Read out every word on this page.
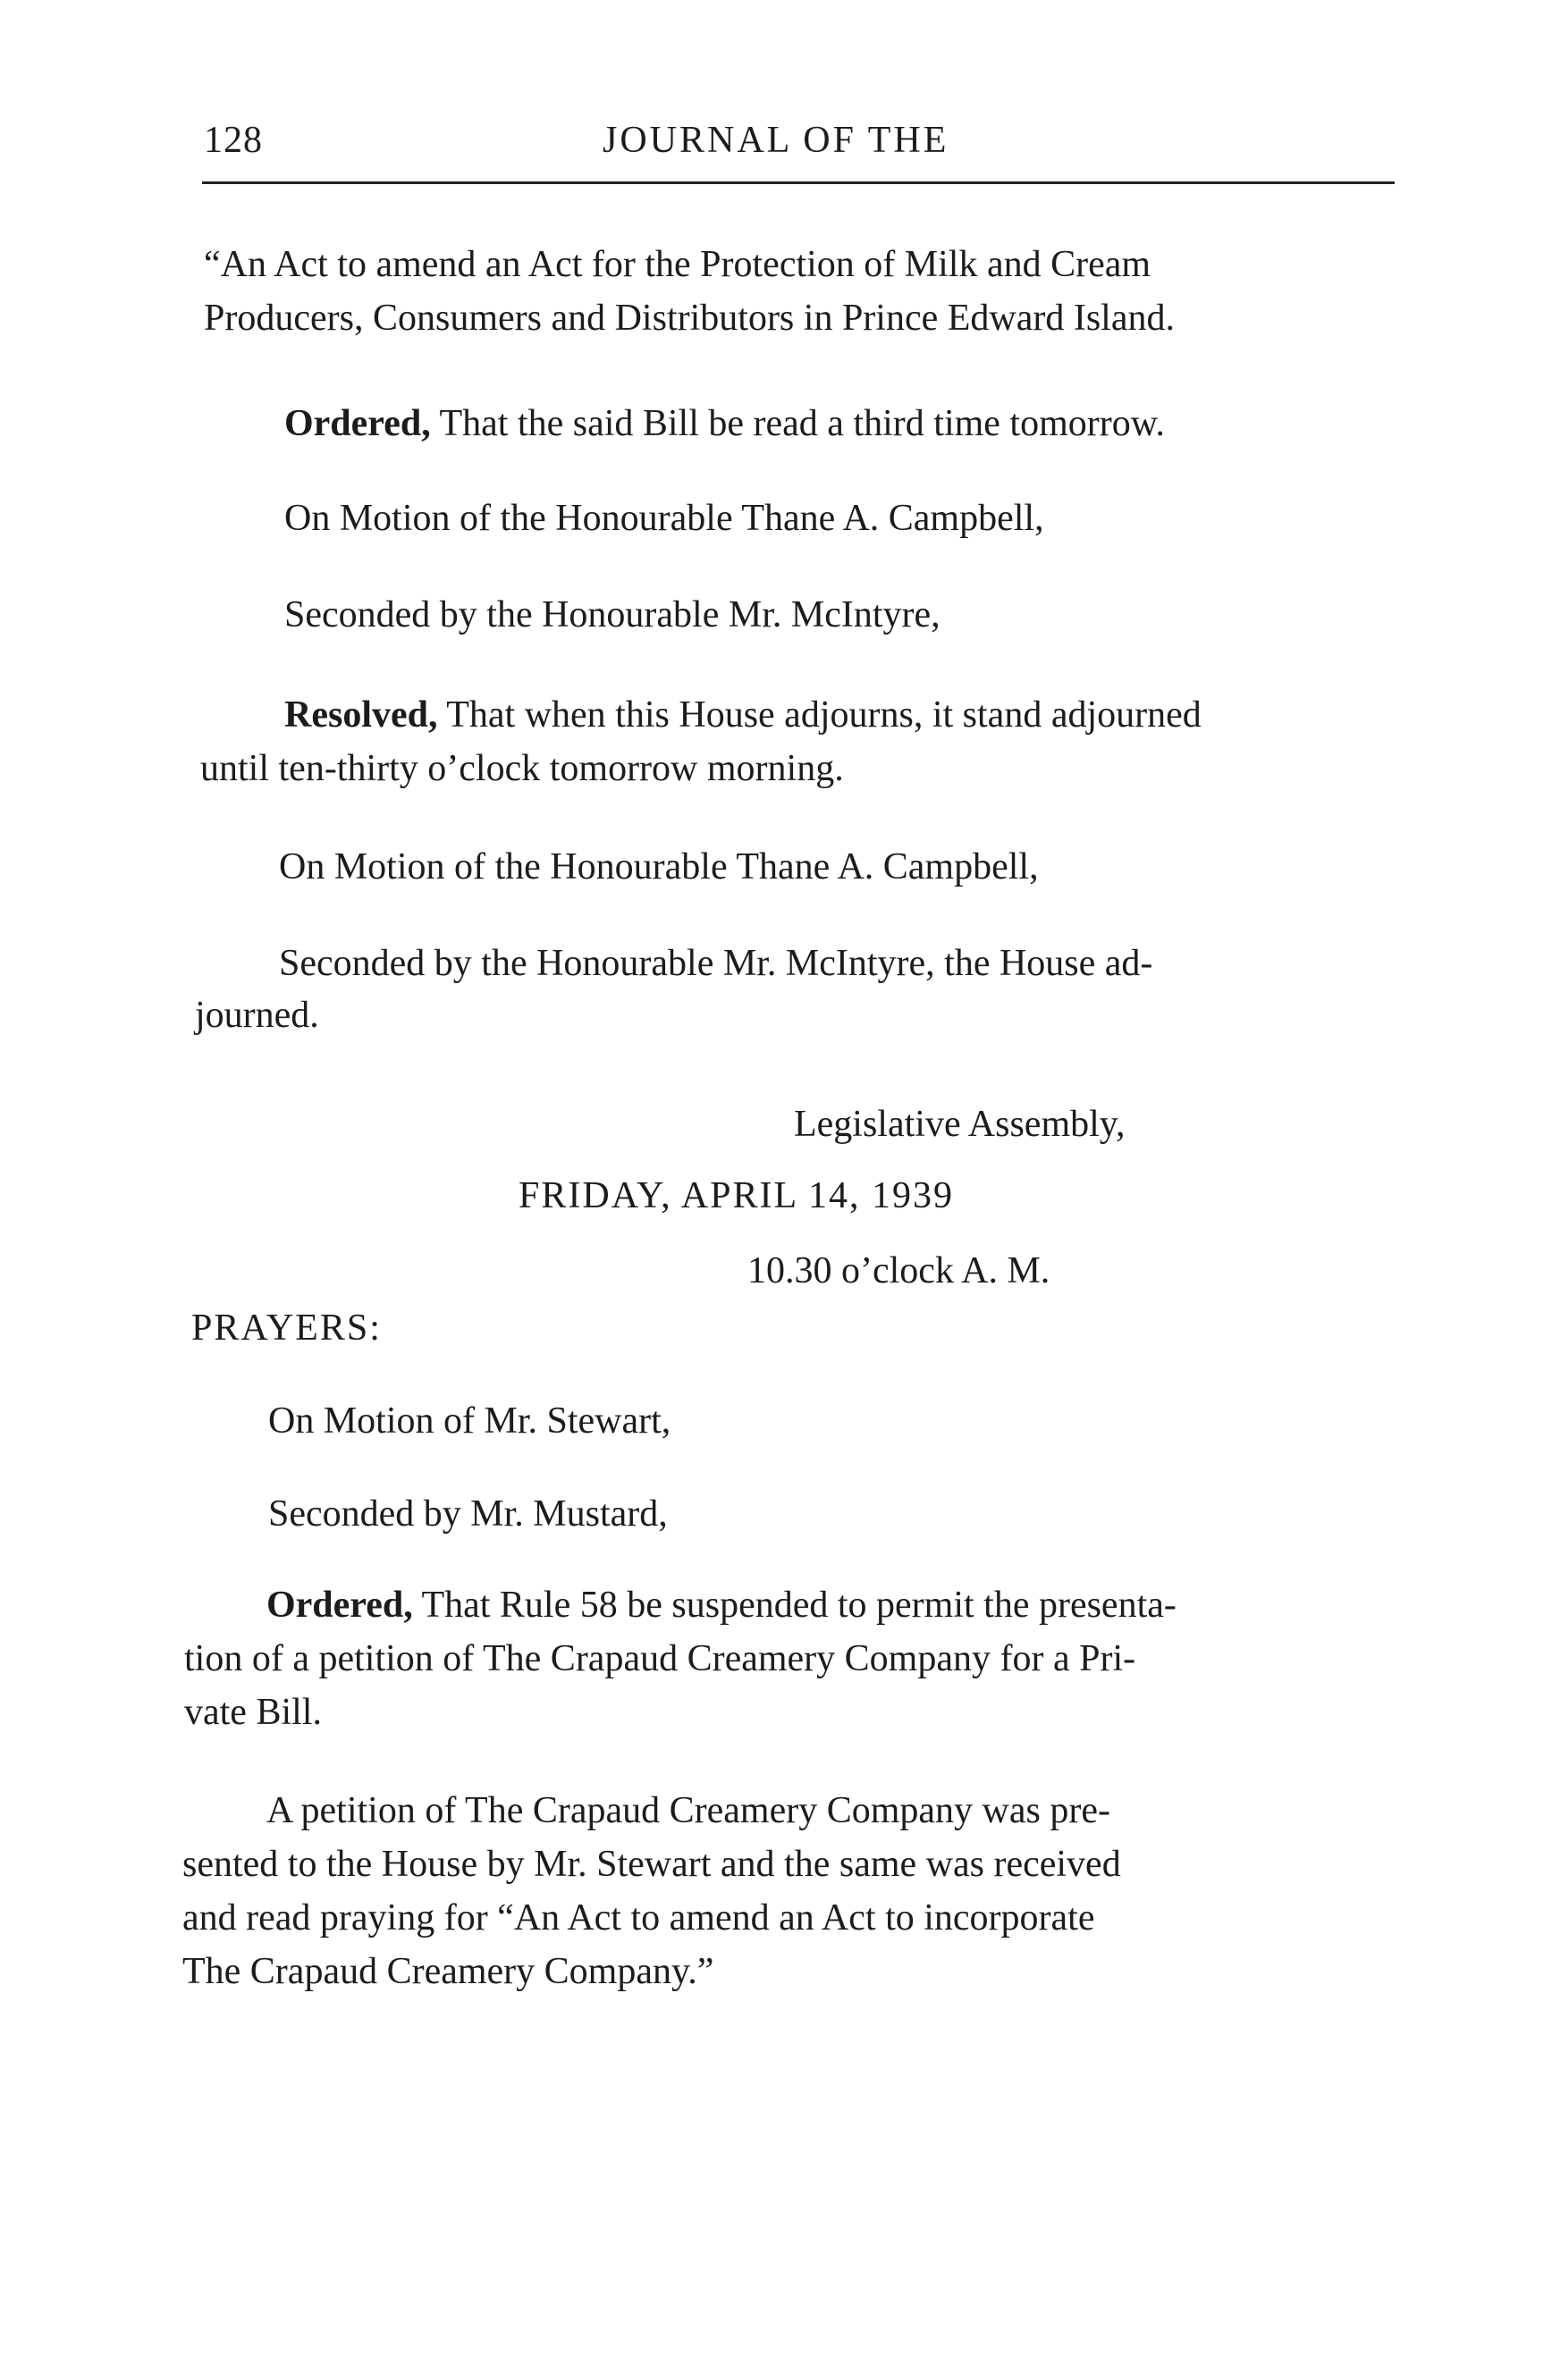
128	JOURNAL OF THE
“An Act to amend an Act for the Protection of Milk and Cream
Producers, Consumers and Distributors in Prince Edward Island.
Ordered, That the said Bill be read a third time tomorrow.
On Motion of the Honourable Thane A. Campbell,
Seconded by the Honourable Mr. McIntyre,
Resolved, That when this House adjourns, it stand adjourned
until ten-thirty o’clock tomorrow morning.
On Motion of the Honourable Thane A. Campbell,
Seconded by the Honourable Mr. McIntyre, the House ad-
journed.
Legislative Assembly,
FRIDAY, APRIL 14, 1939
10.30 o’clock A. M.
PRAYERS:
On Motion of Mr. Stewart,
Seconded by Mr. Mustard,
Ordered, That Rule 58 be suspended to permit the presenta-
tion of a petition of The Crapaud Creamery Company for a Pri-
vate Bill.
A petition of The Crapaud Creamery Company was pre-
sented to the House by Mr. Stewart and the same was received
and read praying for “An Act to amend an Act to incorporate
The Crapaud Creamery Company.”
